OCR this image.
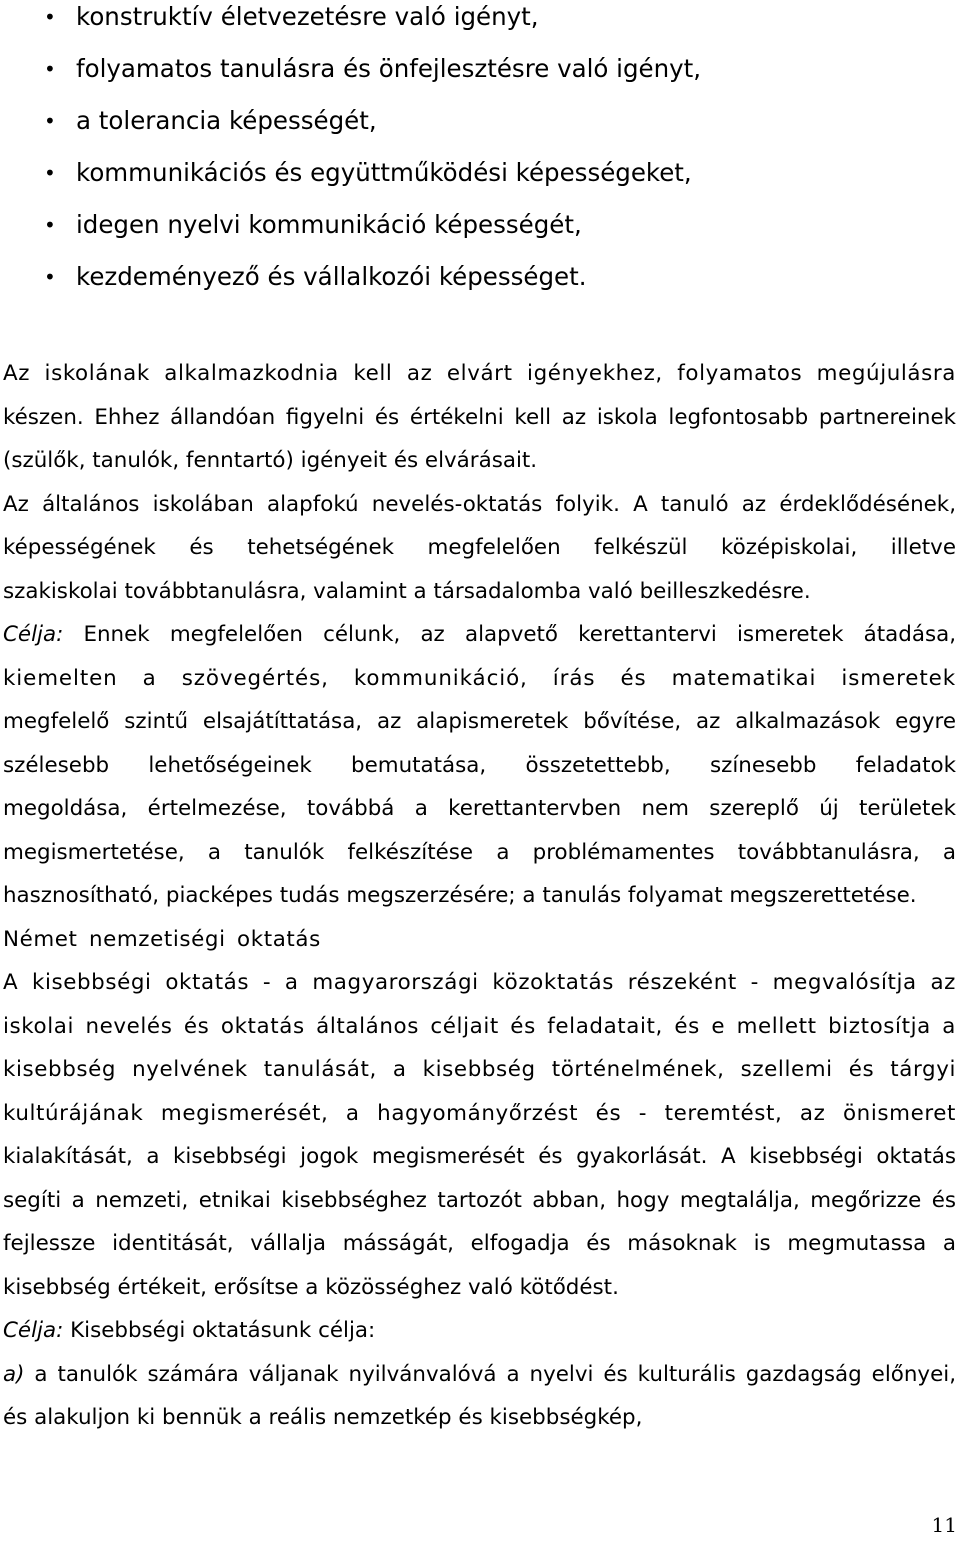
• konstruktív életvezetésre való igényt,
• folyamatos tanulásra és önfejlesztésre való igényt,
• a tolerancia képességét,
• kommunikációs és együttműködési képességeket,
• idegen nyelvi kommunikáció képességét,
• kezdeményező és vállalkozói képességet.

Az iskolának alkalmazkodnia kell az elvárt igényekhez, folyamatos megújulásra
készen. Ehhez állandóan figyelni és értékelni kell az iskola legfontosabb partnereinek
(szülők, tanulók, fenntartó) igényeit és elvárásait.
Az általános iskolában alapfokú nevelés-oktatás folyik. A tanuló az érdeklődésének,
képességének és tehetségének megfelelően felkészül középiskolai, illetve
szakiskolai továbbtanulásra, valamint a társadalomba való beilleszkedésre.

Célja: Ennek megfelelően célunk, az alapvető kerettantervi ismeretek átadása,
kiemelten a szövegértés, kommunikáció, írás és matematikai ismeretek
megfelelő szintű elsajátíttatása, az alapismeretek bővítése, az alkalmazások egyre
szélesebb lehetőségeinek bemutatása, összetettebb, színesebb feladatok
megoldása, értelmezése, továbbá a kerettantervben nem szereplő új területek
megismertetése, a tanulók felkészítése a problémamentes továbbtanulásra, a
hasznosítható, piacképes tudás megszerzésére; a tanulás folyamat megszerettetése.

Német nemzetiségi oktatás

A kisebbségi oktatás - a magyarországi közoktatás részeként - megvalósítja az
iskolai nevelés és oktatás általános céljait és feladatait, és e mellett biztosítja a
kisebbség nyelvének tanulását, a kisebbség történelmének, szellemi és tárgyi
kultúrájának megismerését, a hagyományőrzést és - teremtést, az önismeret
kialakítását, a kisebbségi jogok megismerését és gyakorlását. A kisebbségi oktatás
segíti a nemzeti, etnikai kisebbséghez tartozót abban, hogy megtalálja, megőrizze és
fejlessze identitását, vállalja másságát, elfogadja és másoknak is megmutassa a
kisebbség értékeit, erősítse a közösséghez való kötődést.

Célja: Kisebbségi oktatásunk célja:

a) a tanulók számára váljanak nyilvánvalóvá a nyelvi és kulturális gazdagság előnyei,
és alakuljon ki bennük a reális nemzetkép és kisebbségkép,

11
